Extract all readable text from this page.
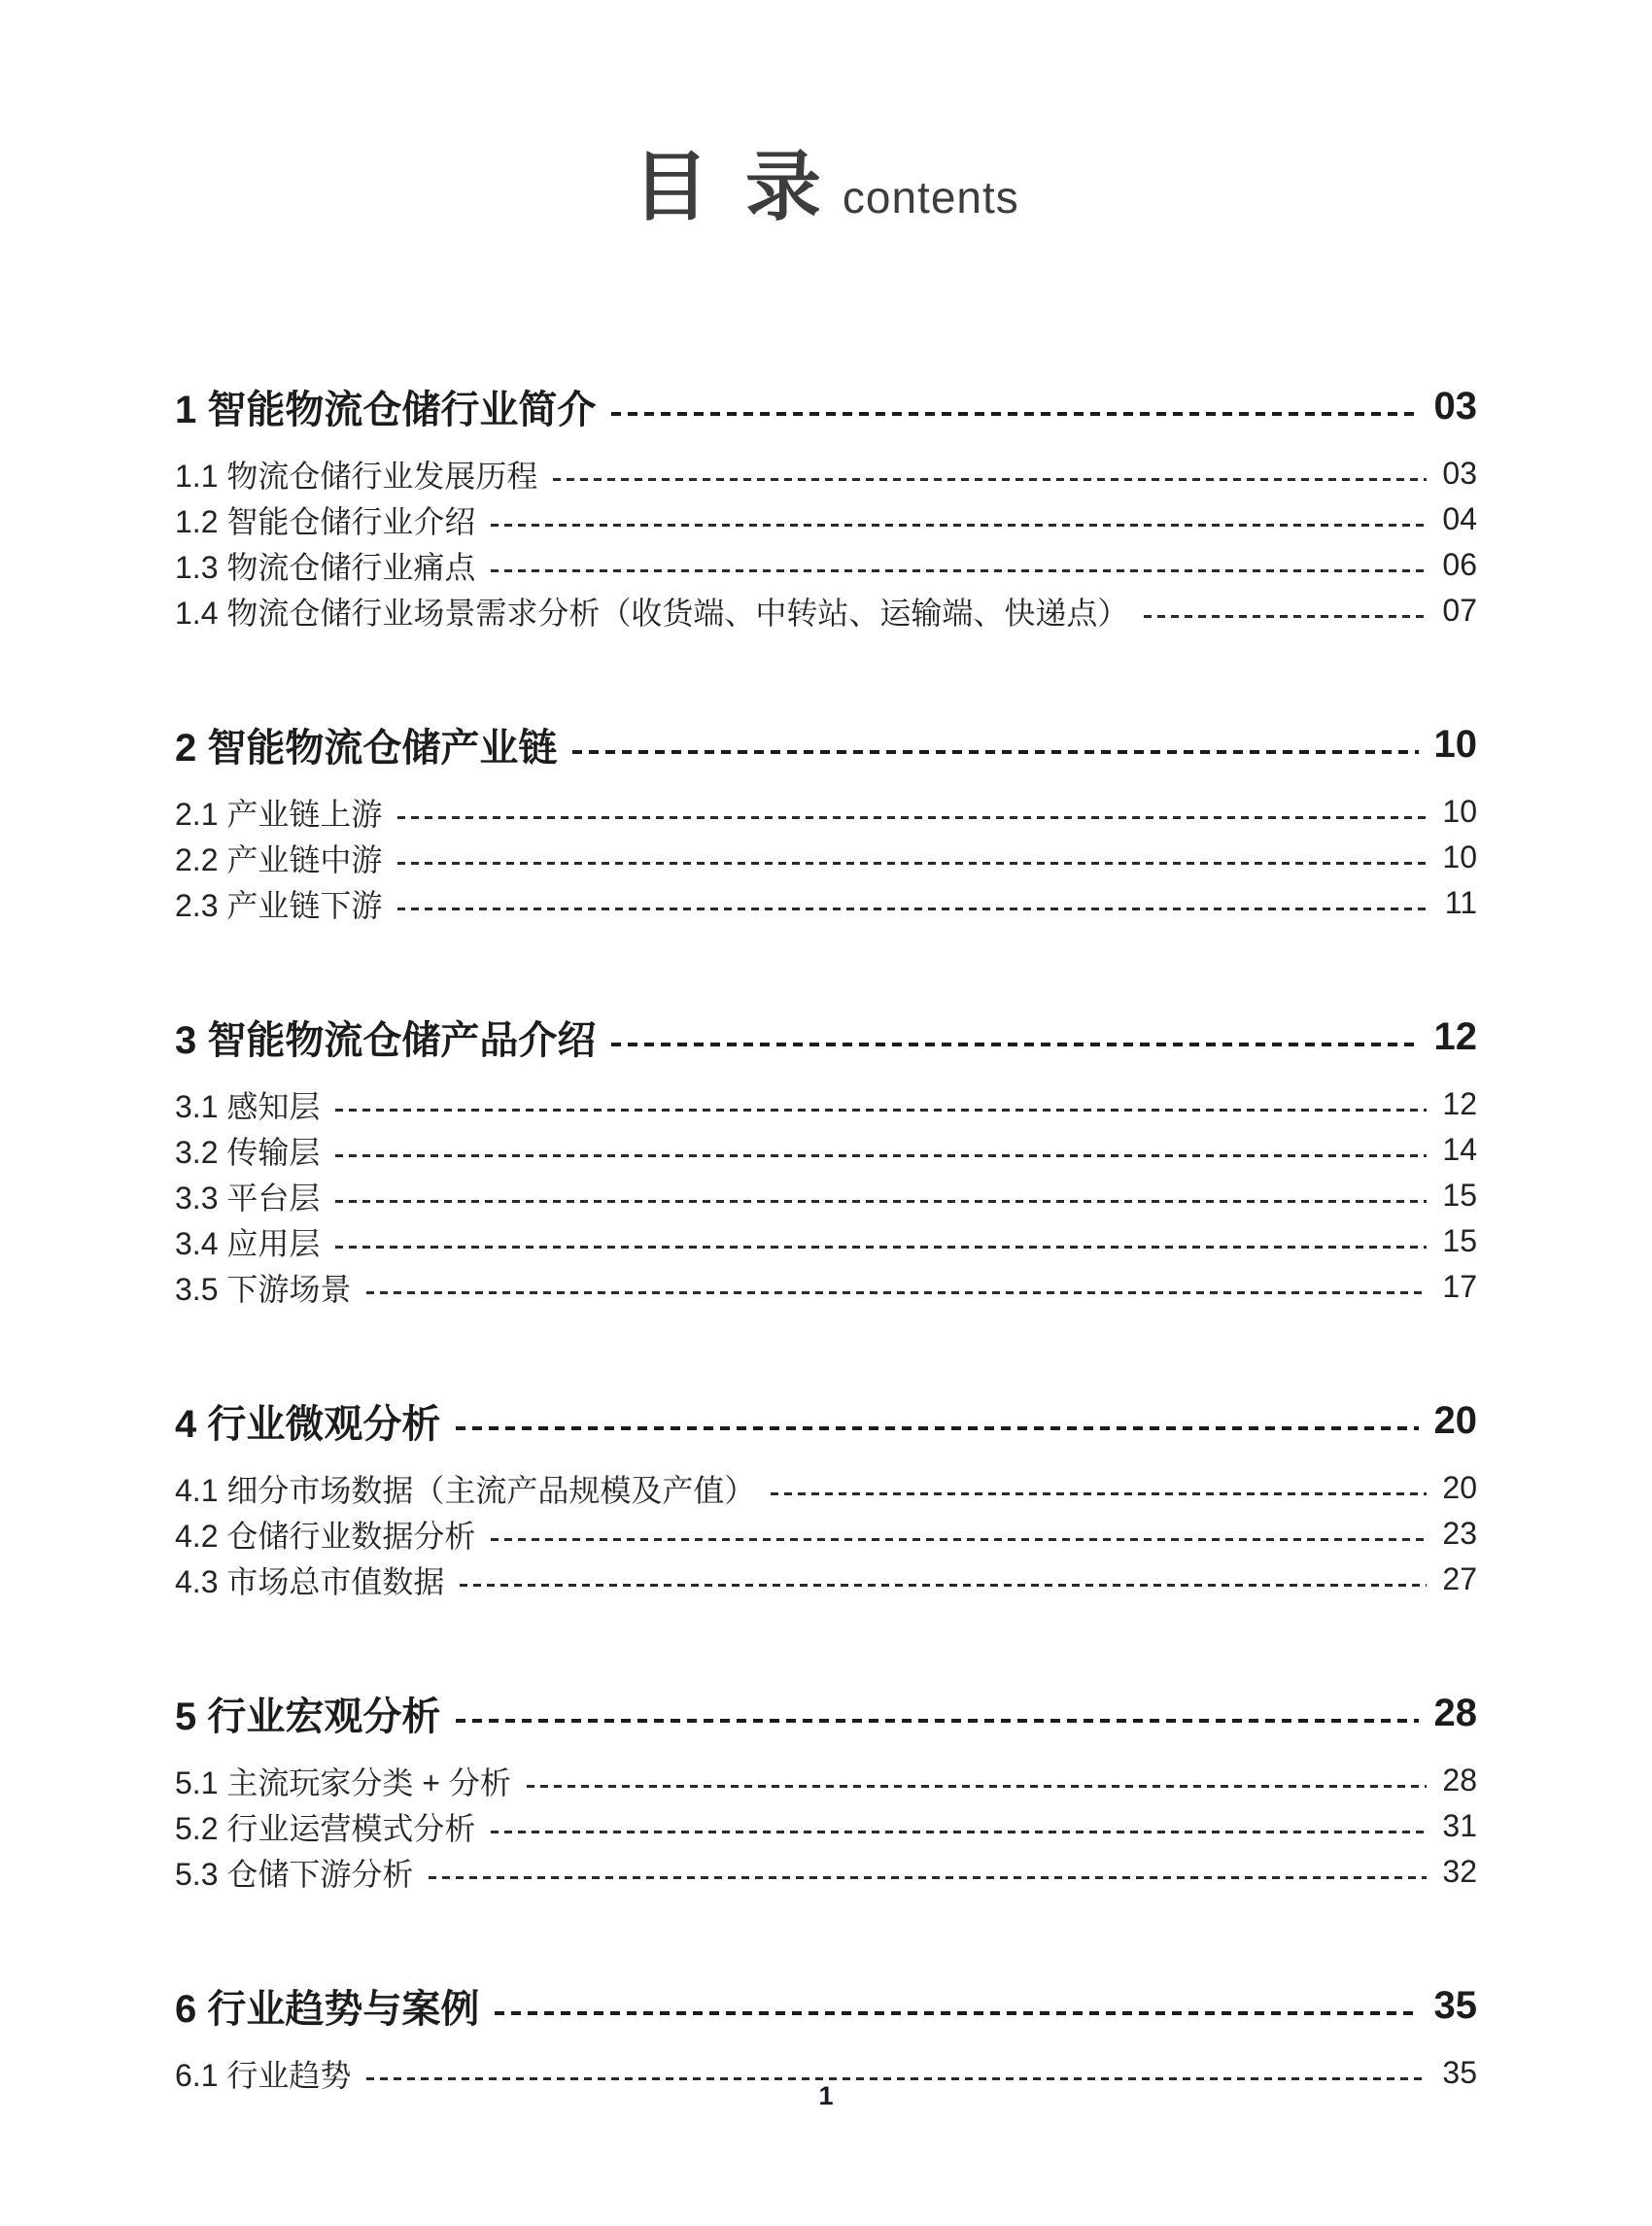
目 录 contents
1 智能物流仓储行业简介	03
1.1 物流仓储行业发展历程	03
1.2 智能仓储行业介绍	04
1.3 物流仓储行业痛点	06
1.4 物流仓储行业场景需求分析（收货端、中转站、运输端、快递点）	07
2 智能物流仓储产业链	10
2.1 产业链上游	10
2.2 产业链中游	10
2.3 产业链下游	11
3 智能物流仓储产品介绍	12
3.1 感知层	12
3.2 传输层	14
3.3 平台层	15
3.4 应用层	15
3.5 下游场景	17
4 行业微观分析	20
4.1 细分市场数据（主流产品规模及产值）	20
4.2 仓储行业数据分析	23
4.3 市场总市值数据	27
5 行业宏观分析	28
5.1 主流玩家分类 + 分析	28
5.2 行业运营模式分析	31
5.3 仓储下游分析	32
6 行业趋势与案例	35
6.1 行业趋势	35
1
